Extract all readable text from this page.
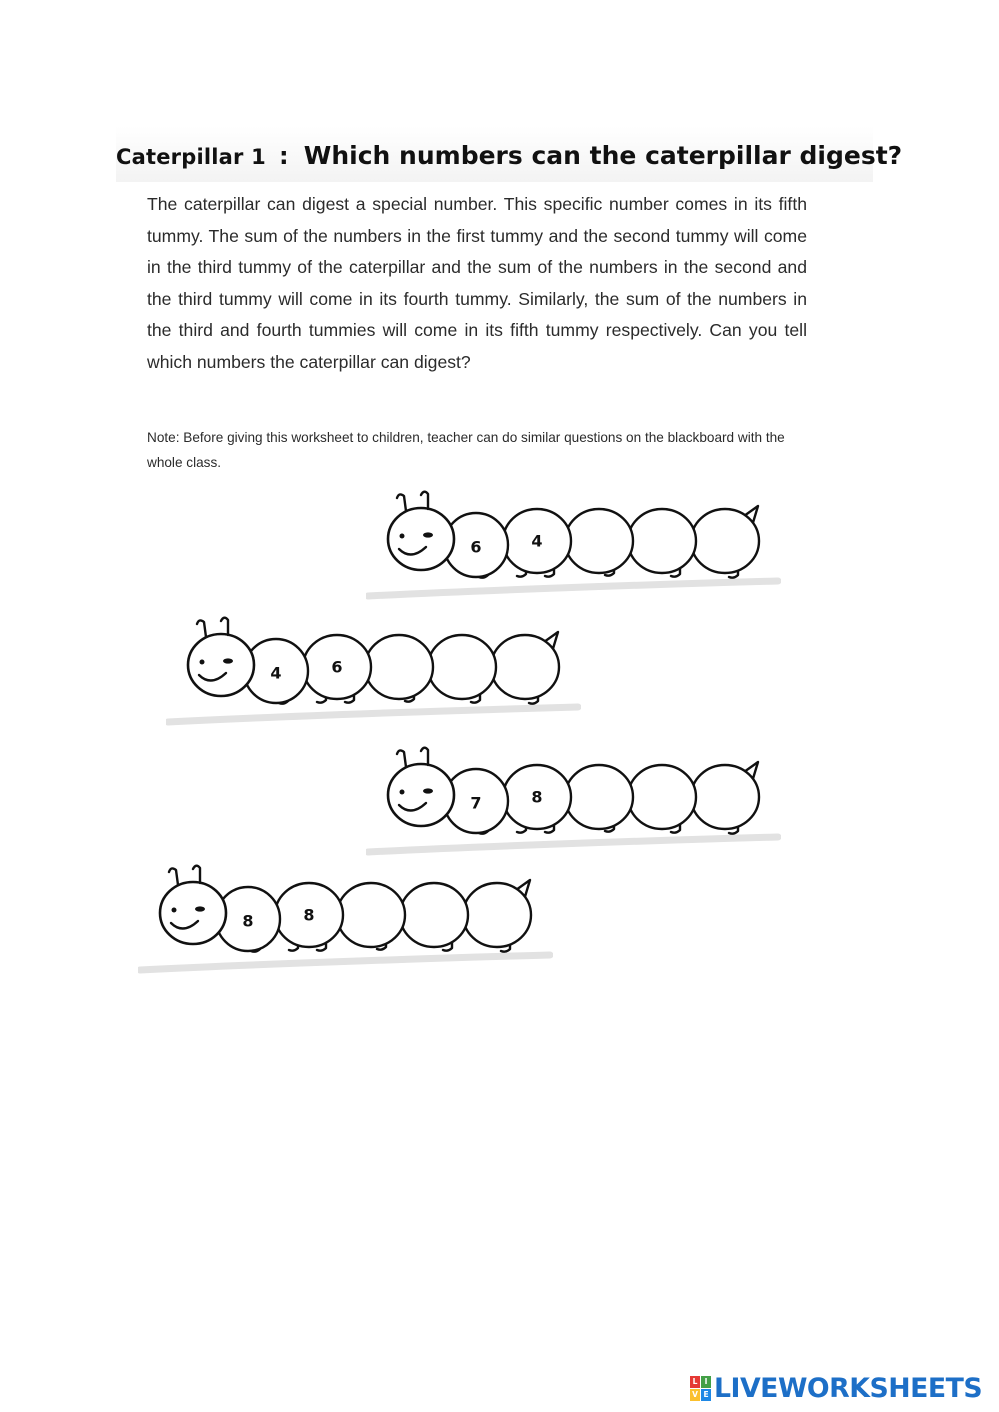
Caterpillar 1 : Which numbers can the caterpillar digest?

The caterpillar can digest a special number. This specific number comes in its fifth tummy. The sum of the numbers in the first tummy and the second tummy will come in the third tummy of the caterpillar and the sum of the numbers in the second and the third tummy will come in its fourth tummy. Similarly, the sum of the numbers in the third and fourth tummies will come in its fifth tummy respectively. Can you tell which numbers the caterpillar can digest?

Note: Before giving this worksheet to children, teacher can do similar questions on the blackboard with the whole class.

6	4
4	6
7	8
8	8
L I
V E LIVEWORKSHEETS
